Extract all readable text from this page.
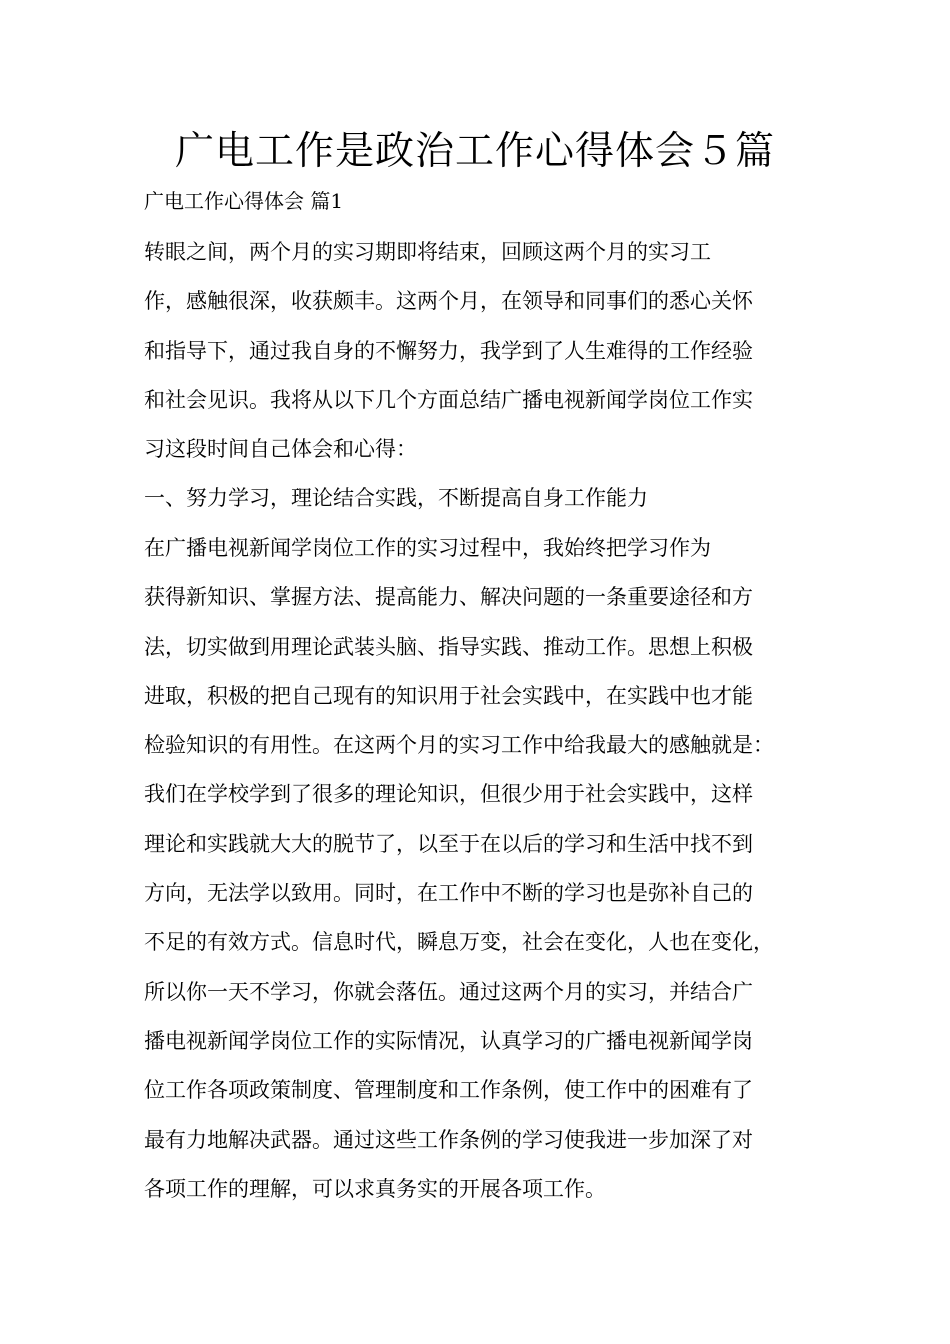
广电工作是政治工作心得体会５篇

广电工作心得体会 篇1

转眼之间，两个月的实习期即将结束，回顾这两个月的实习工
作，感触很深，收获颇丰。这两个月，在领导和同事们的悉心关怀
和指导下，通过我自身的不懈努力，我学到了人生难得的工作经验
和社会见识。我将从以下几个方面总结广播电视新闻学岗位工作实
习这段时间自己体会和心得：
一、努力学习，理论结合实践，不断提高自身工作能力
在广播电视新闻学岗位工作的实习过程中，我始终把学习作为
获得新知识、掌握方法、提高能力、解决问题的一条重要途径和方
法，切实做到用理论武装头脑、指导实践、推动工作。思想上积极
进取，积极的把自己现有的知识用于社会实践中，在实践中也才能
检验知识的有用性。在这两个月的实习工作中给我最大的感触就是：
我们在学校学到了很多的理论知识，但很少用于社会实践中，这样
理论和实践就大大的脱节了，以至于在以后的学习和生活中找不到
方向，无法学以致用。同时，在工作中不断的学习也是弥补自己的
不足的有效方式。信息时代，瞬息万变，社会在变化，人也在变化，
所以你一天不学习，你就会落伍。通过这两个月的实习，并结合广
播电视新闻学岗位工作的实际情况，认真学习的广播电视新闻学岗
位工作各项政策制度、管理制度和工作条例，使工作中的困难有了
最有力地解决武器。通过这些工作条例的学习使我进一步加深了对
各项工作的理解，可以求真务实的开展各项工作。
